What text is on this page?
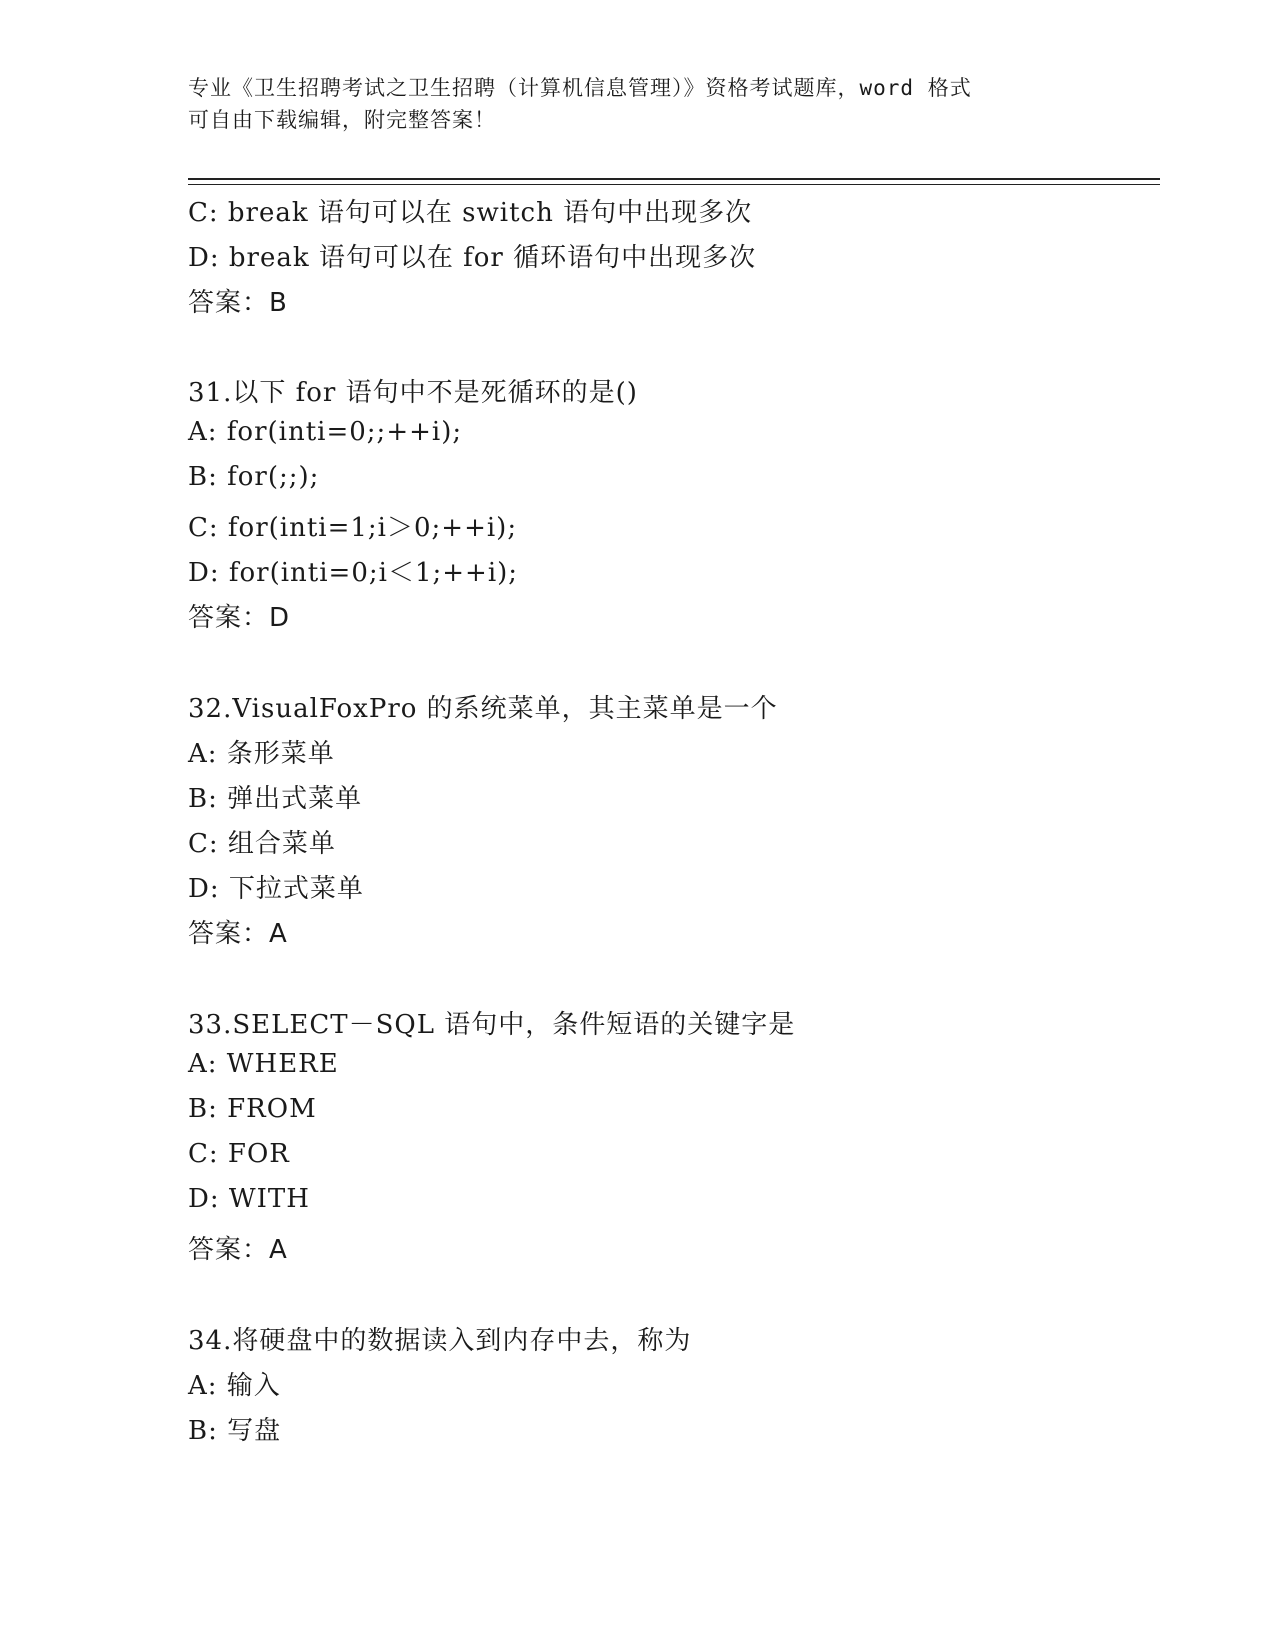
专业《卫生招聘考试之卫生招聘（计算机信息管理）》资格考试题库，word 格式
可自由下载编辑，附完整答案！
C: break 语句可以在 switch 语句中出现多次
D: break 语句可以在 for 循环语句中出现多次
答案：B
31.以下 for 语句中不是死循环的是()
A: for(inti=0;;++i);
B: for(;;);
C: for(inti=1;i＞0;++i);
D: for(inti=0;i＜1;++i);
答案：D
32.VisualFoxPro 的系统菜单，其主菜单是一个
A: 条形菜单
B: 弹出式菜单
C: 组合菜单
D: 下拉式菜单
答案：A
33.SELECT－SQL 语句中，条件短语的关键字是
A: WHERE
B: FROM
C: FOR
D: WITH
答案：A
34.将硬盘中的数据读入到内存中去，称为
A: 输入
B: 写盘
